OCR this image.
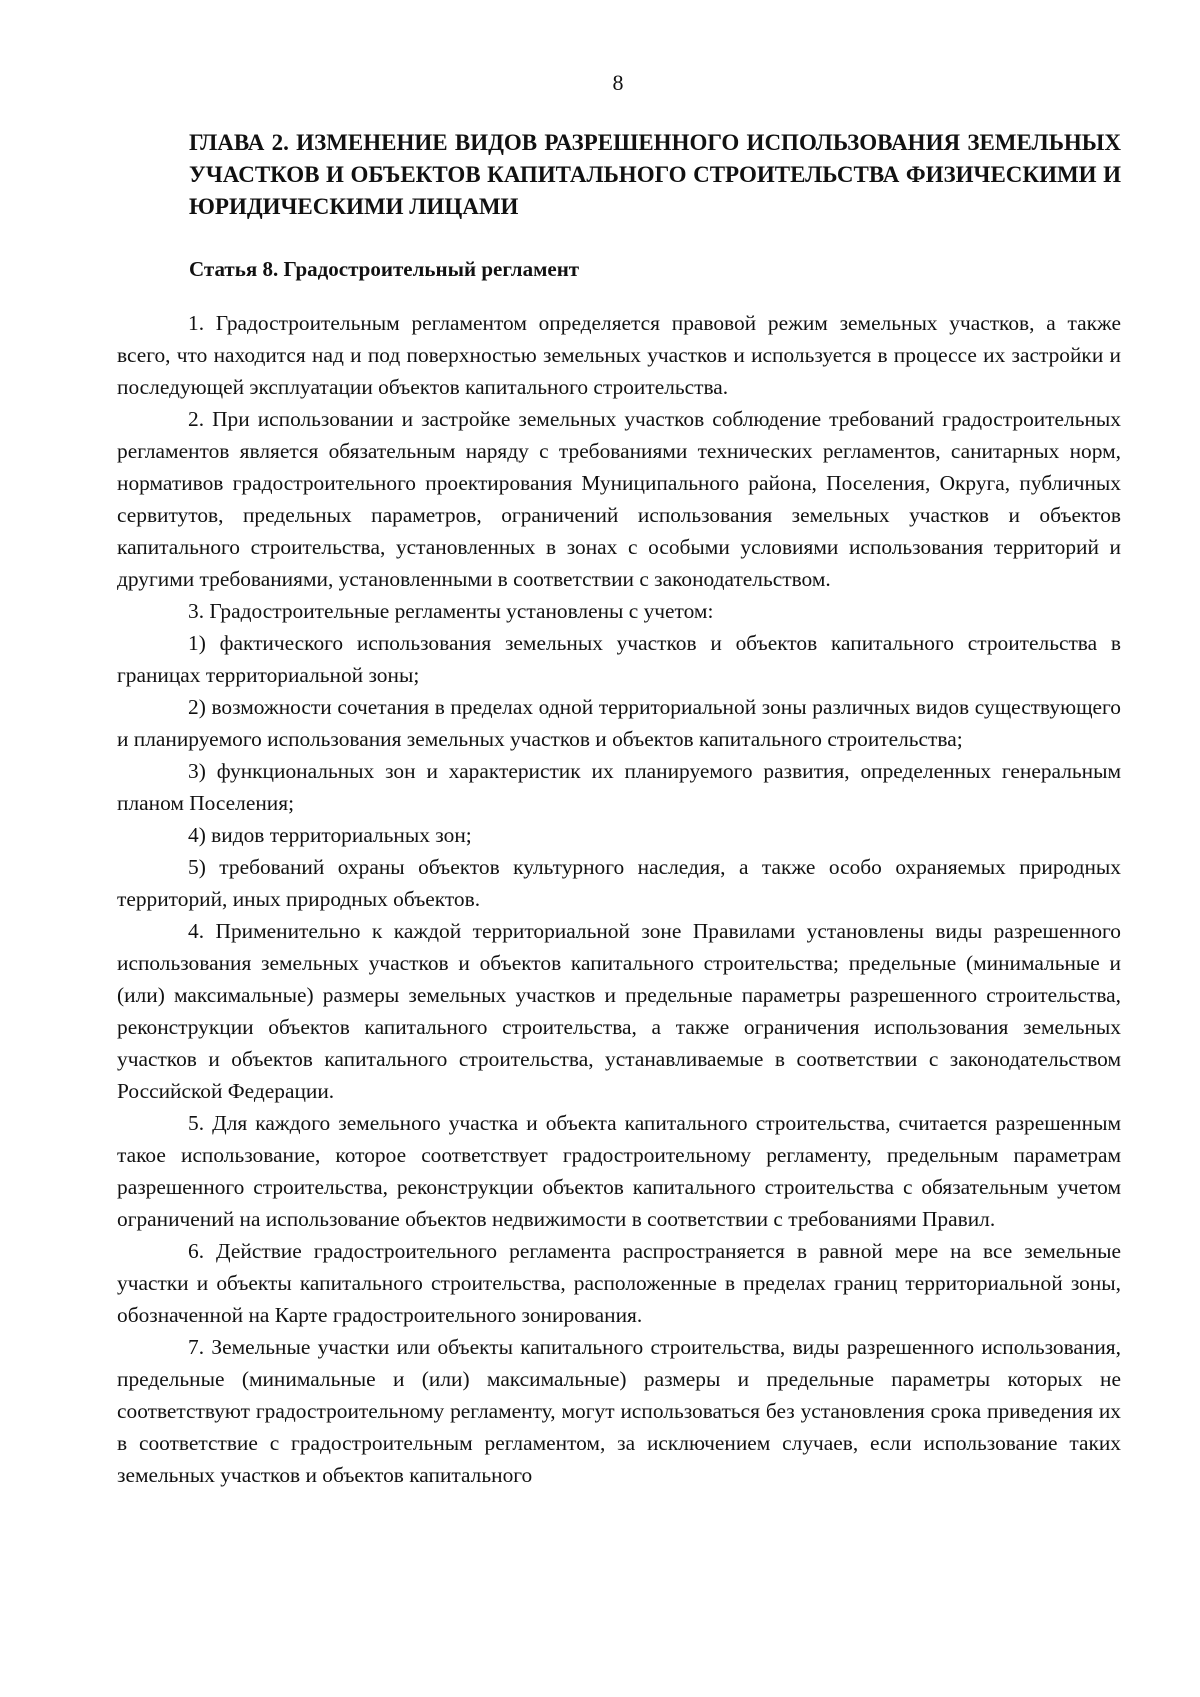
8
ГЛАВА 2. ИЗМЕНЕНИЕ ВИДОВ РАЗРЕШЕННОГО ИСПОЛЬЗОВАНИЯ ЗЕМЕЛЬНЫХ УЧАСТКОВ И ОБЪЕКТОВ КАПИТАЛЬНОГО СТРОИТЕЛЬСТВА ФИЗИЧЕСКИМИ И ЮРИДИЧЕСКИМИ ЛИЦАМИ
Статья 8. Градостроительный регламент

1. Градостроительным регламентом определяется правовой режим земельных участков, а также всего, что находится над и под поверхностью земельных участков и используется в процессе их застройки и последующей эксплуатации объектов капитального строительства.

2. При использовании и застройке земельных участков соблюдение требований градостроительных регламентов является обязательным наряду с требованиями технических регламентов, санитарных норм, нормативов градостроительного проектирования Муниципального района, Поселения, Округа, публичных сервитутов, предельных параметров, ограничений использования земельных участков и объектов капитального строительства, установленных в зонах с особыми условиями использования территорий и другими требованиями, установленными в соответствии с законодательством.

3. Градостроительные регламенты установлены с учетом:

1) фактического использования земельных участков и объектов капитального строительства в границах территориальной зоны;

2) возможности сочетания в пределах одной территориальной зоны различных видов существующего и планируемого использования земельных участков и объектов капитального строительства;

3) функциональных зон и характеристик их планируемого развития, определенных генеральным планом Поселения;

4) видов территориальных зон;

5) требований охраны объектов культурного наследия, а также особо охраняемых природных территорий, иных природных объектов.

4. Применительно к каждой территориальной зоне Правилами установлены виды разрешенного использования земельных участков и объектов капитального строительства; предельные (минимальные и (или) максимальные) размеры земельных участков и предельные параметры разрешенного строительства, реконструкции объектов капитального строительства, а также ограничения использования земельных участков и объектов капитального строительства, устанавливаемые в соответствии с законодательством Российской Федерации.

5. Для каждого земельного участка и объекта капитального строительства, считается разрешенным такое использование, которое соответствует градостроительному регламенту, предельным параметрам разрешенного строительства, реконструкции объектов капитального строительства с обязательным учетом ограничений на использование объектов недвижимости в соответствии с требованиями Правил.

6. Действие градостроительного регламента распространяется в равной мере на все земельные участки и объекты капитального строительства, расположенные в пределах границ территориальной зоны, обозначенной на Карте градостроительного зонирования.

7. Земельные участки или объекты капитального строительства, виды разрешенного использования, предельные (минимальные и (или) максимальные) размеры и предельные параметры которых не соответствуют градостроительному регламенту, могут использоваться без установления срока приведения их в соответствие с градостроительным регламентом, за исключением случаев, если использование таких земельных участков и объектов капитального
